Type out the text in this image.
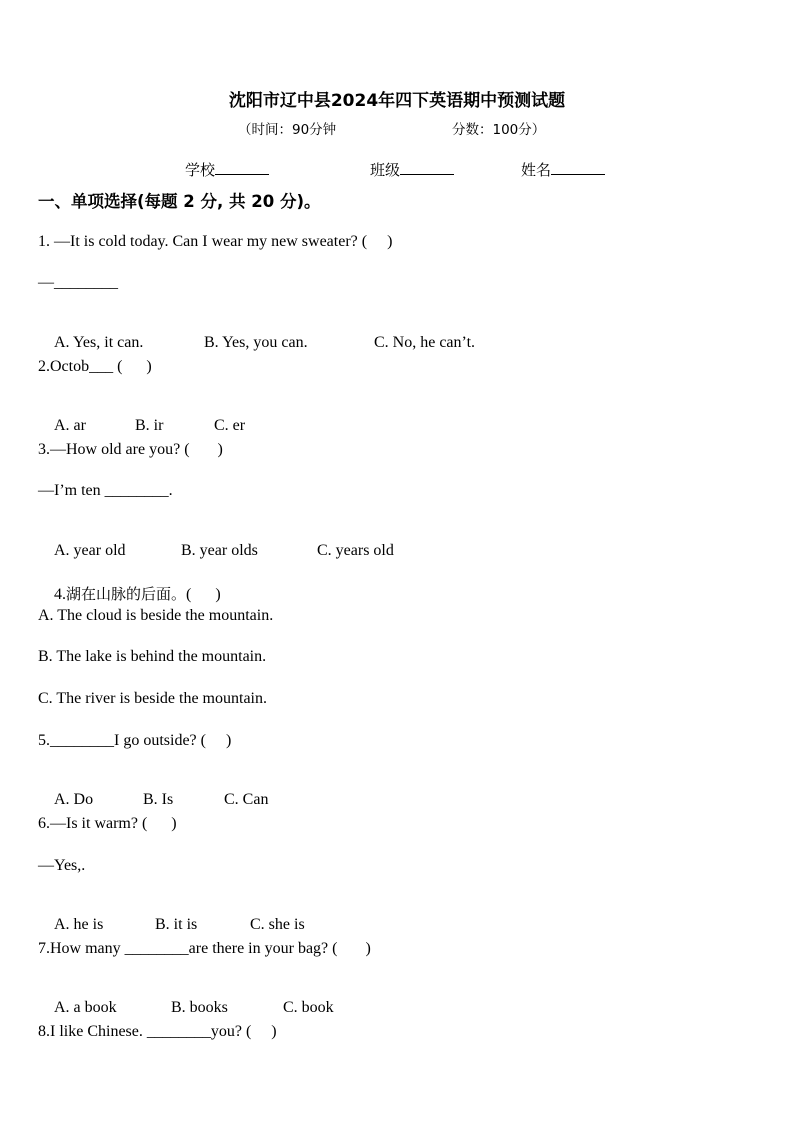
沈阳市辽中县2024年四下英语期中预测试题
（时间：90分钟	分数：100分）
学校	班级	姓名
一、单项选择(每题 2 分, 共 20 分)。
1. —It is cold today. Can I wear my new sweater? (     )
—________

A. Yes, it can.	B. Yes, you can.	C. No, he can’t.

2.Octob___ (      )

A. ar	B. ir	C. er

3.—How old are you? (       )
—I’m ten ________.

A. year old	B. year olds	C. years old

4.湖在山脉的后面。(      )

A. The cloud is beside the mountain.
B. The lake is behind the mountain.
C. The river is beside the mountain.
5.________I go outside? (     )

A. Do	B. Is	C. Can

6.—Is it warm? (      )
—Yes,.

A. he is	B. it is	C. she is

7.How many ________are there in your bag? (       )

A. a book	B. books	C. book

8.I like Chinese. ________you? (     )
